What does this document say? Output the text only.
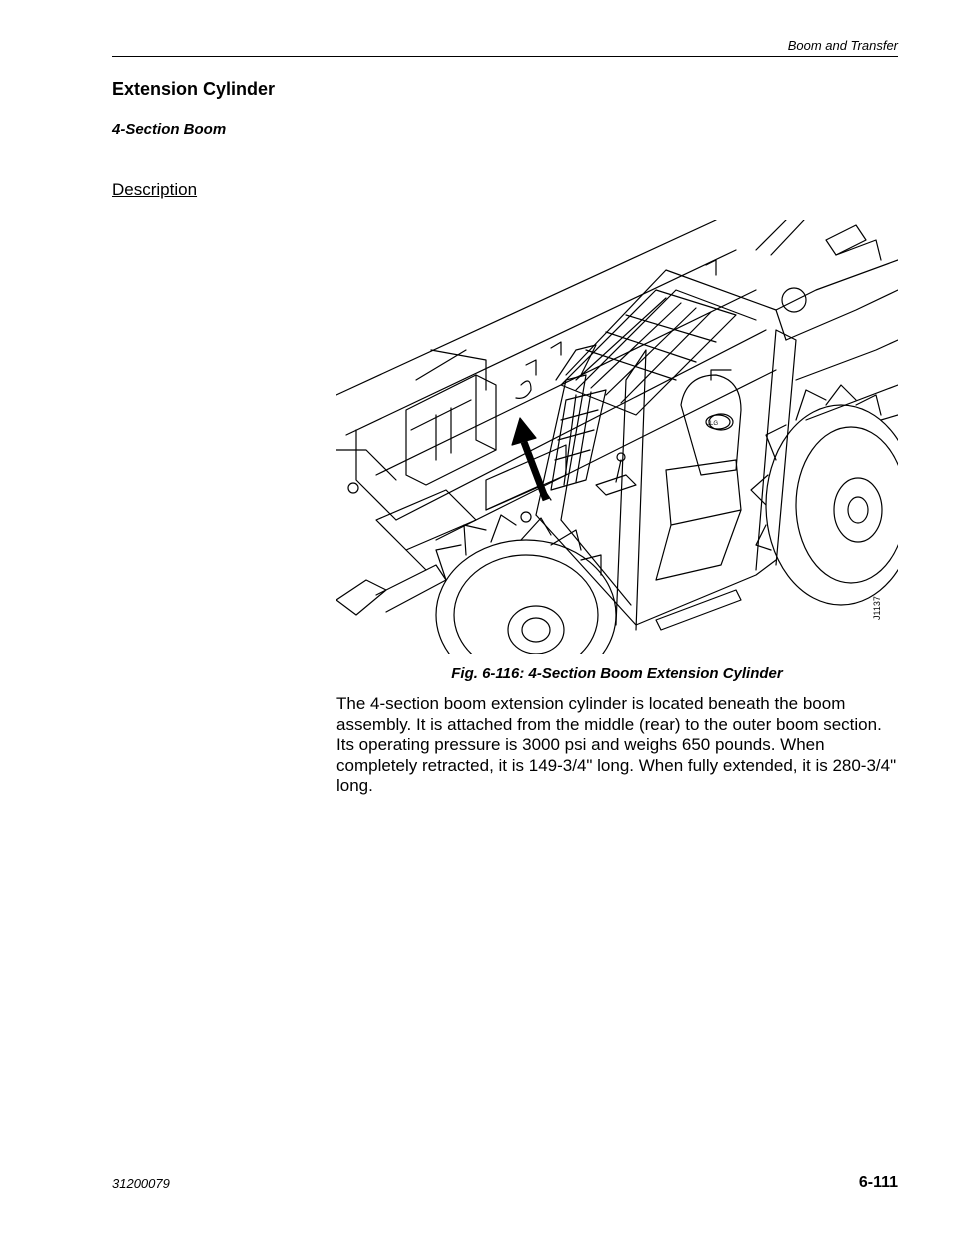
Boom and Transfer
Extension Cylinder
4-Section Boom
Description
JLG
J1137
Fig. 6-116: 4-Section Boom Extension Cylinder
The 4-section boom extension cylinder is located beneath the boom assembly. It is attached from the middle (rear) to the outer boom section. Its operating pressure is 3000 psi and weighs 650 pounds. When completely retracted, it is 149-3/4" long. When fully extended, it is 280-3/4" long.
31200079	6-111
